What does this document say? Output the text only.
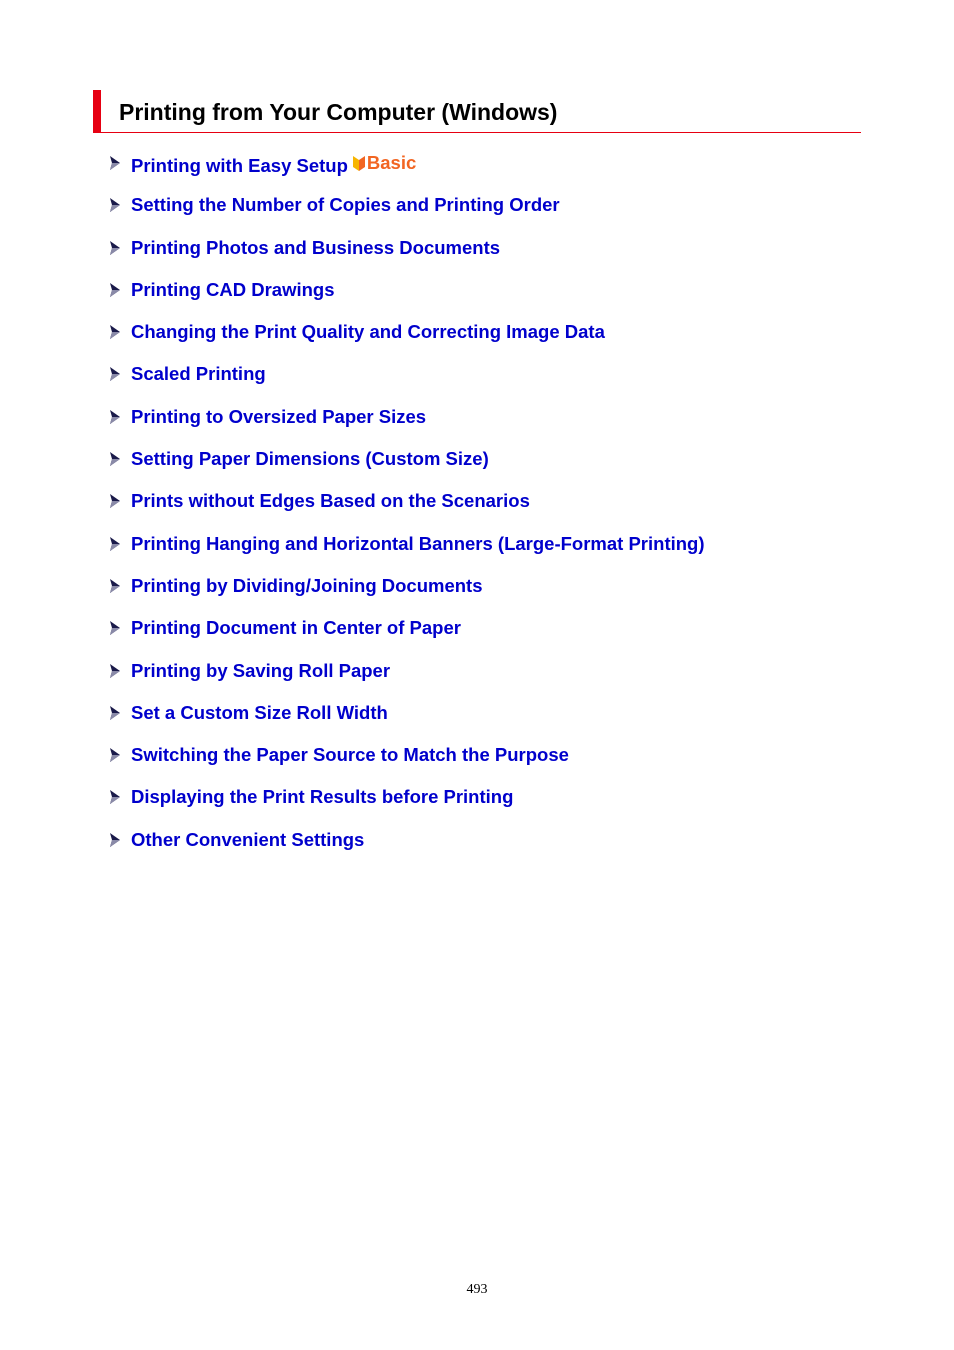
Printing from Your Computer (Windows)
Printing with Easy Setup Basic
Setting the Number of Copies and Printing Order
Printing Photos and Business Documents
Printing CAD Drawings
Changing the Print Quality and Correcting Image Data
Scaled Printing
Printing to Oversized Paper Sizes
Setting Paper Dimensions (Custom Size)
Prints without Edges Based on the Scenarios
Printing Hanging and Horizontal Banners (Large-Format Printing)
Printing by Dividing/Joining Documents
Printing Document in Center of Paper
Printing by Saving Roll Paper
Set a Custom Size Roll Width
Switching the Paper Source to Match the Purpose
Displaying the Print Results before Printing
Other Convenient Settings
493
